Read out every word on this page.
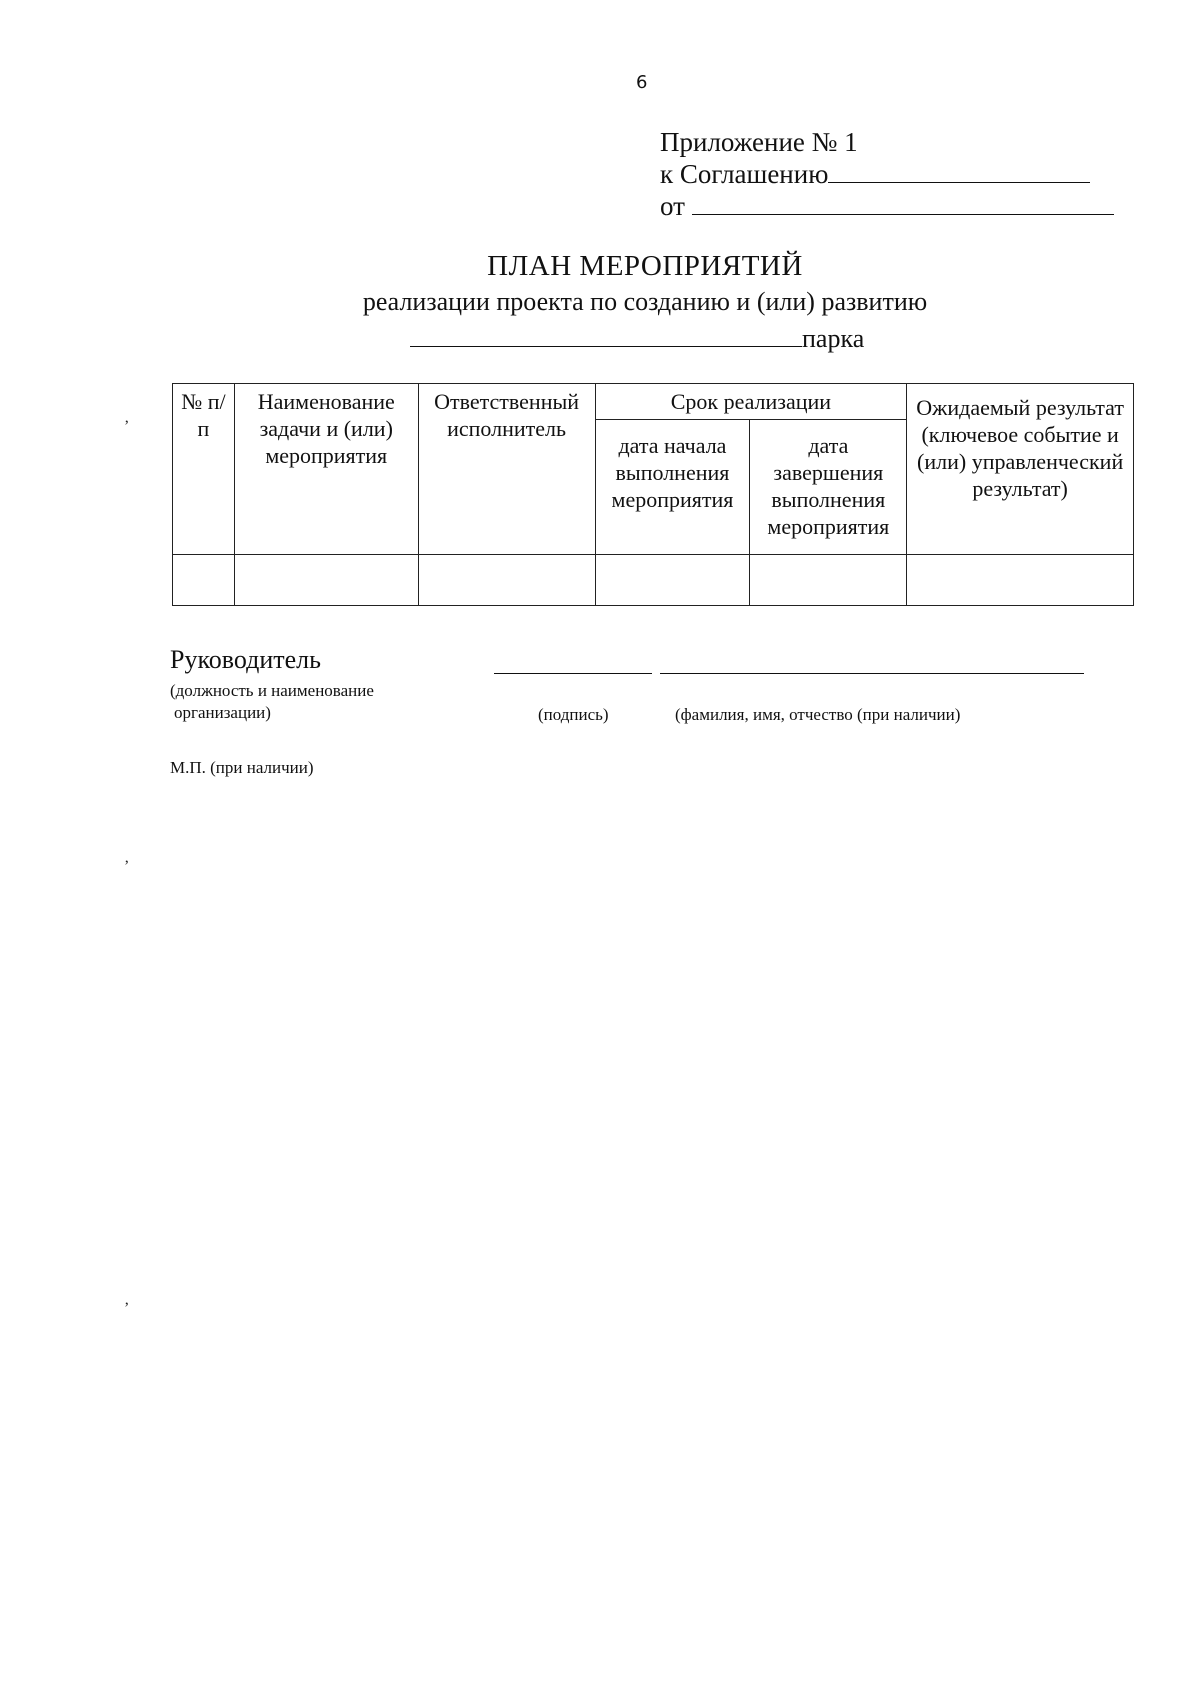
6
Приложение № 1
к Соглашению
от
ПЛАН МЕРОПРИЯТИЙ
реализации проекта по созданию и (или) развитию
парка
№ п/п	Наименование задачи и (или) мероприятия	Ответственный исполнитель	Срок реализации		Ожидаемый результат (ключевое событие и (или) управленческий результат)
			дата начала выполнения мероприятия	дата завершения выполнения мероприятия	

Руководитель
(должность и наименование
организации)	(подпись)	(фамилия, имя, отчество (при наличии)
М.П. (при наличии)
’
’
’
